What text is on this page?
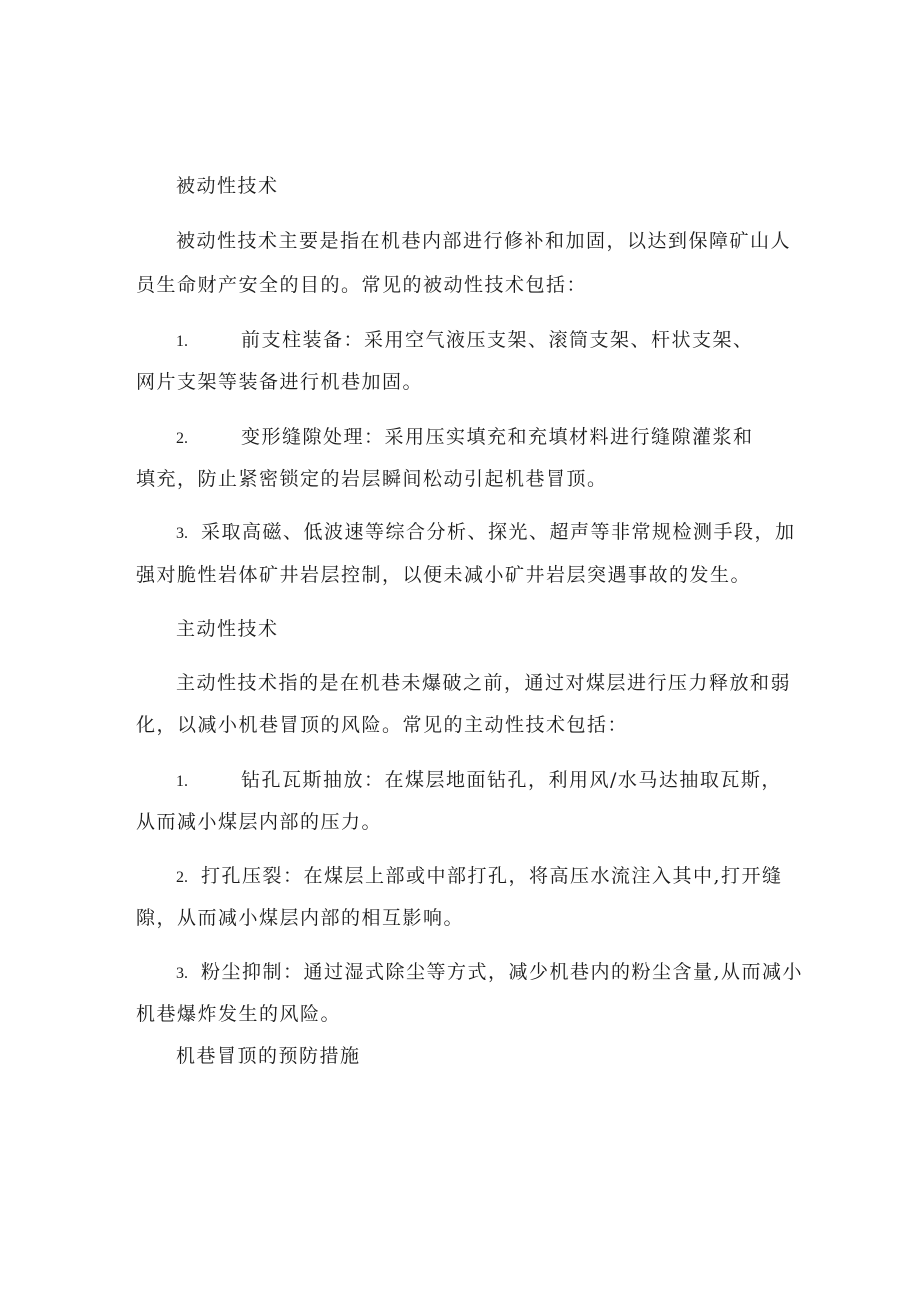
被动性技术
被动性技术主要是指在机巷内部进行修补和加固，以达到保障矿山人
员生命财产安全的目的。常见的被动性技术包括：
1.	前支柱装备：采用空气液压支架、滚筒支架、杆状支架、
网片支架等装备进行机巷加固。
2.	变形缝隙处理：采用压实填充和充填材料进行缝隙灌浆和
填充，防止紧密锁定的岩层瞬间松动引起机巷冒顶。
3. 采取高磁、低波速等综合分析、探光、超声等非常规检测手段，加
强对脆性岩体矿井岩层控制，以便未减小矿井岩层突遇事故的发生。
主动性技术
主动性技术指的是在机巷未爆破之前，通过对煤层进行压力释放和弱
化，以减小机巷冒顶的风险。常见的主动性技术包括：
1.	钻孔瓦斯抽放：在煤层地面钻孔，利用风/水马达抽取瓦斯，
从而减小煤层内部的压力。
2. 打孔压裂：在煤层上部或中部打孔，将高压水流注入其中,打开缝
隙，从而减小煤层内部的相互影响。
3. 粉尘抑制：通过湿式除尘等方式，减少机巷内的粉尘含量,从而减小
机巷爆炸发生的风险。
机巷冒顶的预防措施
